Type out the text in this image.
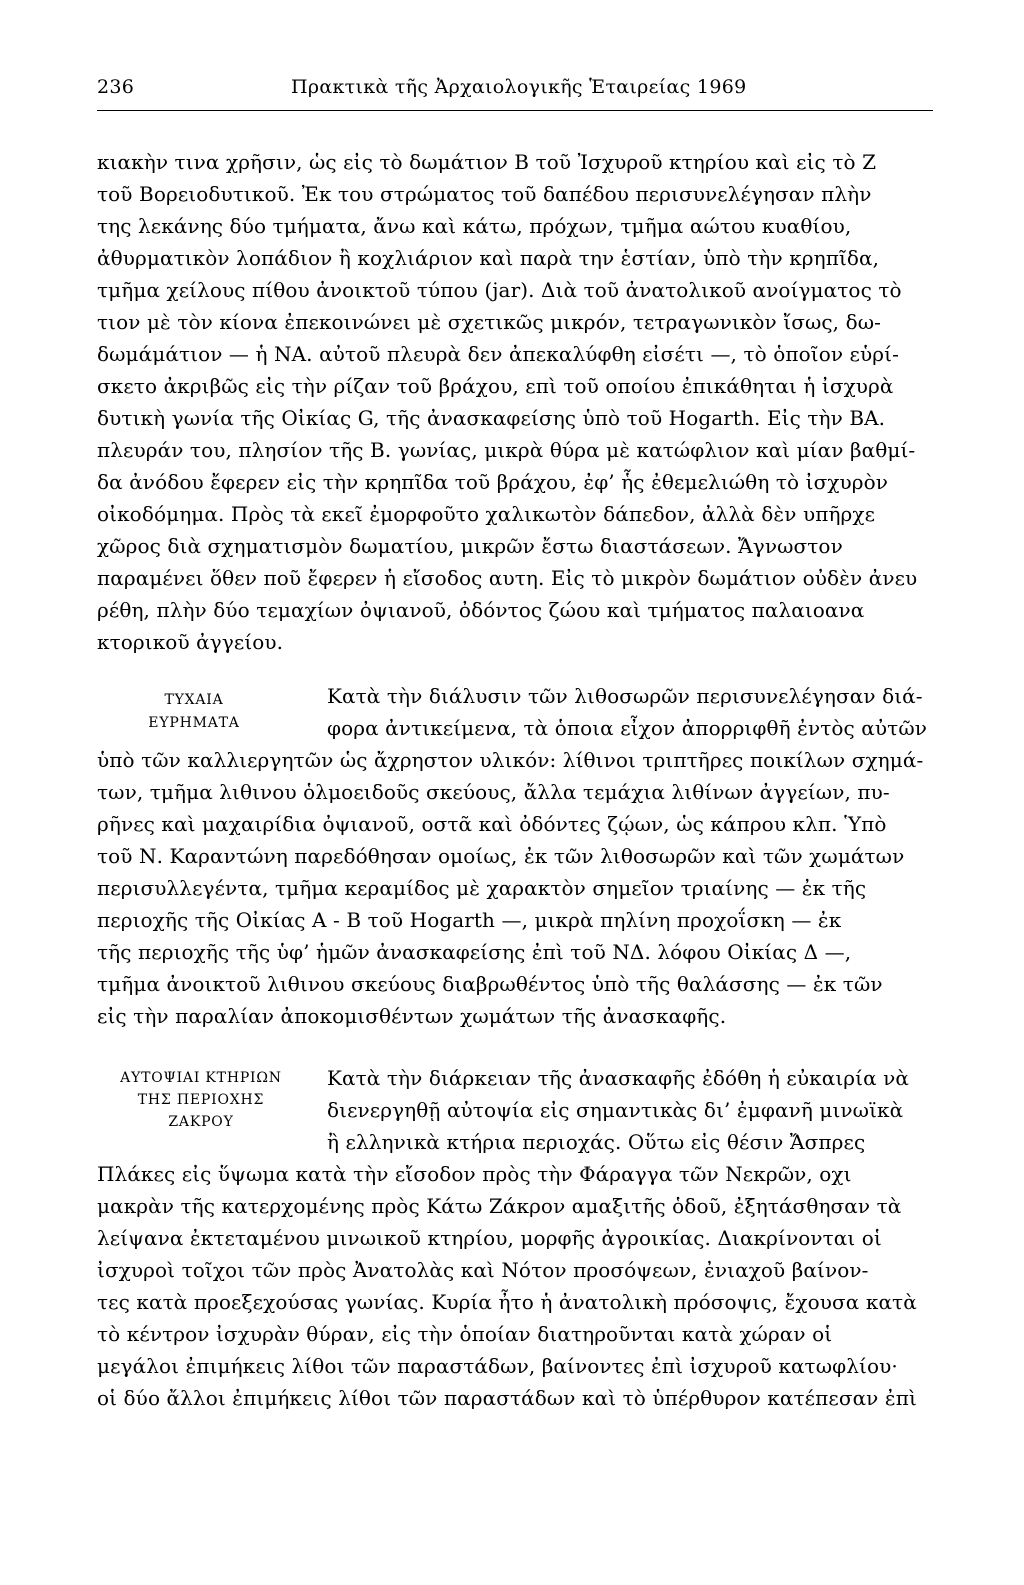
236	Πρακτικὰ τῆς Ἀρχαιολογικῆς Ἑταιρείας 1969
κιακὴν τινα χρῆσιν, ὡς εἰς τὸ δωμάτιον Β τοῦ Ἰσχυροῦ κτηρίου καὶ εἰς τὸ Ζ
τοῦ Βορειοδυτικοῦ. Ἐκ του στρώματος τοῦ δαπέδου περισυνελέγησαν πλὴν
της λεκάνης δύο τμήματα, ἄνω καὶ κάτω, πρόχων, τμῆμα αώτου κυαθίου,
ἀθυρματικὸν λοπάδιον ἢ κοχλιάριον καὶ παρὰ την ἑστίαν, ὑπὸ τὴν κρηπῖδα,
τμῆμα χείλους πίθου ἀνοικτοῦ τύπου (jar). Διὰ τοῦ ἀνατολικοῦ ανοίγματος τὸ
τιον μὲ τὸν κίονα ἐπεκοινώνει μὲ σχετικῶς μικρόν, τετραγωνικὸν ἴσως, δω-
δωμάμάτιον — ἡ ΝΑ. αὐτοῦ πλευρὰ δεν ἀπεκαλύφθη εἰσέτι —, τὸ ὁποῖον εὑρί-
σκετο ἀκριβῶς εἰς τὴν ρίζαν τοῦ βράχου, επὶ τοῦ οποίου ἐπικάθηται ἡ ἰσχυρὰ
δυτικὴ γωνία τῆς Οἰκίας G, τῆς ἀνασκαφείσης ὑπὸ τοῦ Hogarth. Εἰς τὴν ΒΑ.
πλευράν του, πλησίον τῆς Β. γωνίας, μικρὰ θύρα μὲ κατώφλιον καὶ μίαν βαθμί-
δα ἀνόδου ἔφερεν εἰς τὴν κρηπῖδα τοῦ βράχου, ἐφ’ ἧς ἐθεμελιώθη τὸ ἰσχυρὸν
οἰκοδόμημα. Πρὸς τὰ εκεῖ ἐμορφοῦτο χαλικωτὸν δάπεδον, ἀλλὰ δὲν υπῆρχε
χῶρος διὰ σχηματισμὸν δωματίου, μικρῶν ἔστω διαστάσεων. Ἄγνωστον
παραμένει ὅθεν ποῦ ἔφερεν ἡ εἴσοδος αυτη. Εἰς τὸ μικρὸν δωμάτιον οὐδὲν ἀνευ
ρέθη, πλὴν δύο τεμαχίων ὀψιανοῦ, ὀδόντος ζώου καὶ τμήματος παλαιοανα
κτορικοῦ ἀγγείου.
ΤΥΧΑΙΑ
ΕΥΡΗΜΑΤΑ
Κατὰ τὴν διάλυσιν τῶν λιθοσωρῶν περισυνελέγησαν διά-
φορα ἀντικείμενα, τὰ ὁποια εἶχον ἀπορριφθῆ ἐντὸς αὐτῶν
ὑπὸ τῶν καλλιεργητῶν ὡς ἄχρηστον υλικόν: λίθινοι τριπτῆρες ποικίλων σχημά-
των, τμῆμα λιθινου ὁλμοειδοῦς σκεύους, ἄλλα τεμάχια λιθίνων ἀγγείων, πυ-
ρῆνες καὶ μαχαιρίδια ὀψιανοῦ, οστᾶ καὶ ὀδόντες ζῴων, ὡς κάπρου κλπ. Ὑπὸ
τοῦ Ν. Καραντώνη παρεδόθησαν ομοίως, ἐκ τῶν λιθοσωρῶν καὶ τῶν χωμάτων
περισυλλεγέντα, τμῆμα κεραμίδος μὲ χαρακτὸν σημεῖον τριαίνης — ἐκ τῆς
περιοχῆς τῆς Οἰκίας Α - Β τοῦ Hogarth —, μικρὰ πηλίνη προχοΐσκη — ἐκ
τῆς περιοχῆς τῆς ὑφ’ ἡμῶν ἀνασκαφείσης ἐπὶ τοῦ ΝΔ. λόφου Οἰκίας Δ —,
τμῆμα ἀνοικτοῦ λιθινου σκεύους διαβρωθέντος ὑπὸ τῆς θαλάσσης — ἐκ τῶν
εἰς τὴν παραλίαν ἀποκομισθέντων χωμάτων τῆς ἀνασκαφῆς.
ΑΥΤΟΨΙΑΙ ΚΤΗΡΙΩΝ
ΤΗΣ ΠΕΡΙΟΧΗΣ
ΖΑΚΡΟΥ
Κατὰ τὴν διάρκειαν τῆς ἀνασκαφῆς ἐδόθη ἡ εὐκαιρία νὰ
διενεργηθῇ αὐτοψία εἰς σημαντικὰς δι’ ἐμφανῆ μινωϊκὰ
ἢ ελληνικὰ κτήρια περιοχάς. Οὕτω εἰς θέσιν Ἄσπρες
Πλάκες εἰς ὕψωμα κατὰ τὴν εἴσοδον πρὸς τὴν Φάραγγα τῶν Νεκρῶν, οχι
μακρὰν τῆς κατερχομένης πρὸς Κάτω Ζάκρον αμαξιτῆς ὁδοῦ, ἐξητάσθησαν τὰ
λείψανα ἐκτεταμένου μινωικοῦ κτηρίου, μορφῆς ἀγροικίας. Διακρίνονται οἱ
ἰσχυροὶ τοῖχοι τῶν πρὸς Ἀνατολὰς καὶ Νότον προσόψεων, ἐνιαχοῦ βαίνον-
τες κατὰ προεξεχούσας γωνίας. Κυρία ἦτο ἡ ἀνατολικὴ πρόσοψις, ἔχουσα κατὰ
τὸ κέντρον ἰσχυρὰν θύραν, εἰς τὴν ὁποίαν διατηροῦνται κατὰ χώραν οἱ
μεγάλοι ἐπιμήκεις λίθοι τῶν παραστάδων, βαίνοντες ἐπὶ ἰσχυροῦ κατωφλίου·
οἱ δύο ἄλλοι ἐπιμήκεις λίθοι τῶν παραστάδων καὶ τὸ ὑπέρθυρον κατέπεσαν ἐπὶ
